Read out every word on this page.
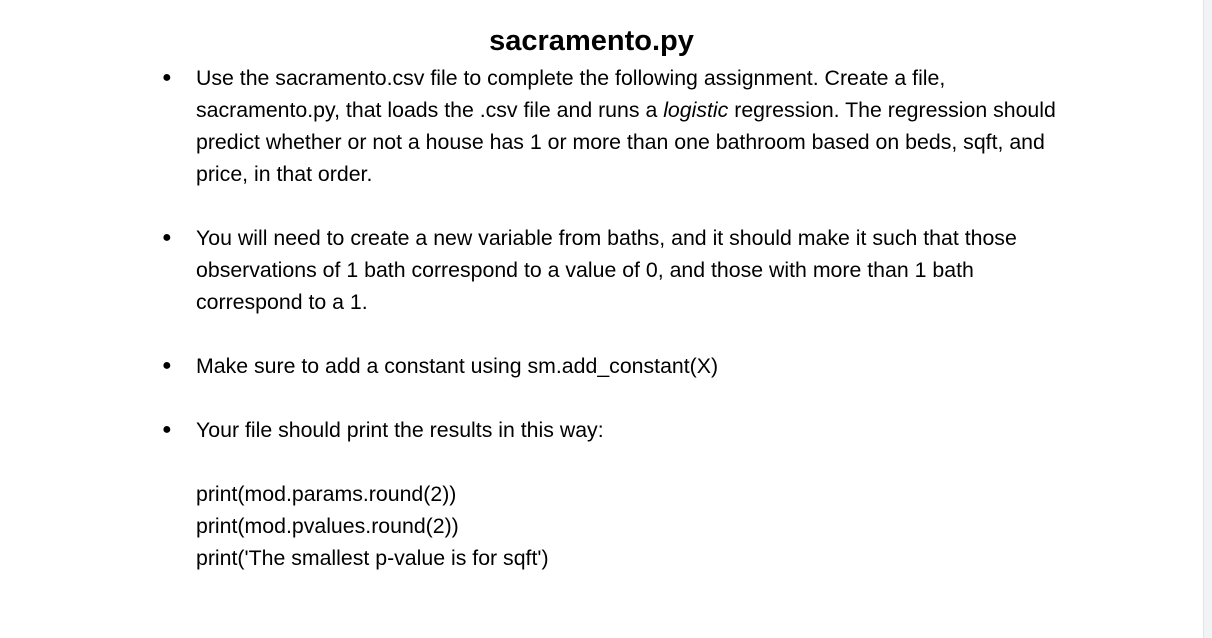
sacramento.py
● Use the sacramento.csv file to complete the following assignment. Create a file, sacramento.py, that loads the .csv file and runs a logistic regression. The regression should predict whether or not a house has 1 or more than one bathroom based on beds, sqft, and price, in that order.
● You will need to create a new variable from baths, and it should make it such that those observations of 1 bath correspond to a value of 0, and those with more than 1 bath correspond to a 1.
● Make sure to add a constant using sm.add_constant(X)
● Your file should print the results in this way:
print(mod.params.round(2))
print(mod.pvalues.round(2))
print('The smallest p-value is for sqft')
